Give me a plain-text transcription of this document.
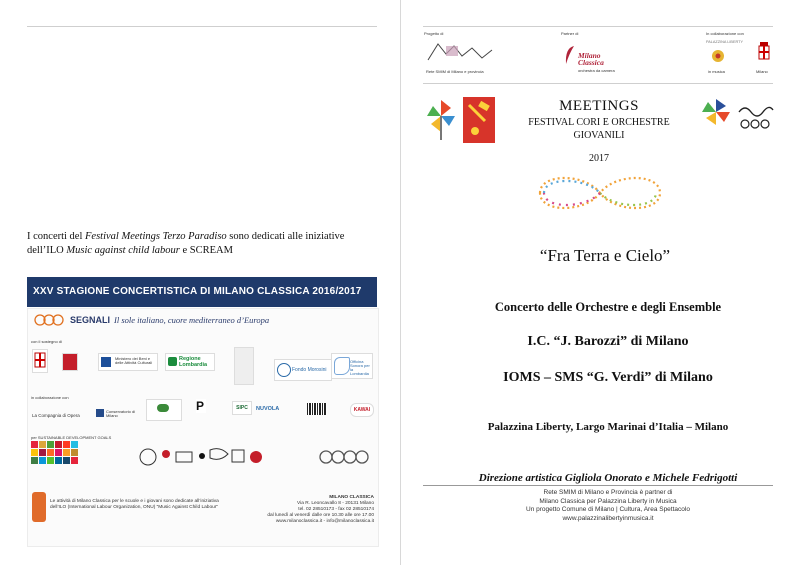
I concerti del Festival Meetings Terzo Paradiso sono dedicati alle iniziative
dell’ILO Music against child labour e SCREAM
XXV STAGIONE CONCERTISTICA DI MILANO CLASSICA 2016/2017
SEGNALI Il sole italiano, cuore mediterraneo d’Europa
con il sostegno di
Ministero dei Beni e delle Attività Culturali
Regione Lombardia
Fondo Morosini
Officina Sonora per la Lombardia
in collaborazione con
La Compagnia di Opera
Conservatorio di Milano
P	SIPC	NUVOLA	KAWAI
per SUSTAINABLE DEVELOPMENT GOALS
Le attività di Milano Classica per le scuole e i giovani sono dedicate all’iniziativa dell’ILO (International Labour Organization, ONU) “Music Against Child Labour”
MILANO CLASSICA
Via R. Leoncavallo 8 - 20131 Milano
tel. 02 28510173 - fax 02 28510174
dal lunedì al venerdì dalle ore 10.30 alle ore 17.00
www.milanoclassica.it - info@milanoclassica.it
Progetto di
Rete SMIM di Milano e provincia
Partner di
Milano Classica
orchestra da camera
In collaborazione con
PALAZZINA LIBERTY
in musica	Milano
MEETINGS
FESTIVAL CORI E ORCHESTRE
GIOVANILI
2017
“Fra Terra e Cielo”
Concerto delle Orchestre e degli Ensemble
I.C. “J. Barozzi” di Milano
IOMS – SMS “G. Verdi” di Milano
Palazzina Liberty, Largo Marinai d’Italia – Milano
Direzione artistica Gigliola Onorato e Michele Fedrigotti
Rete SMIM di Milano e Provincia è partner di
Milano Classica per Palazzina Liberty in Musica
Un progetto Comune di Milano | Cultura, Area Spettacolo
www.palazzinalibertyinmusica.it
